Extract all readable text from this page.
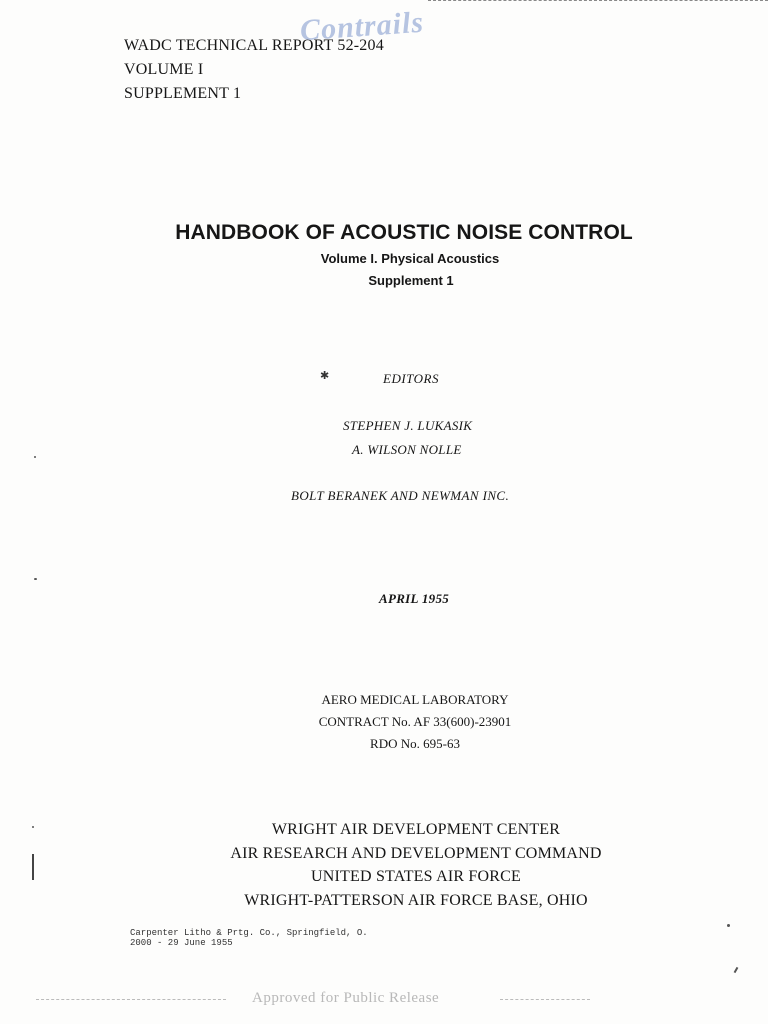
WADC TECHNICAL REPORT 52-204
VOLUME I
SUPPLEMENT 1
Contrails
HANDBOOK OF ACOUSTIC NOISE CONTROL
Volume I. Physical Acoustics
Supplement 1
✱	EDITORS
STEPHEN J. LUKASIK
A. WILSON NOLLE
BOLT BERANEK AND NEWMAN INC.
APRIL 1955
AERO MEDICAL LABORATORY
CONTRACT No. AF 33(600)-23901
RDO No. 695-63
WRIGHT AIR DEVELOPMENT CENTER
AIR RESEARCH AND DEVELOPMENT COMMAND
UNITED STATES AIR FORCE
WRIGHT-PATTERSON AIR FORCE BASE, OHIO
Carpenter Litho & Prtg. Co., Springfield, O.
2000 - 29 June 1955
Approved for Public Release
